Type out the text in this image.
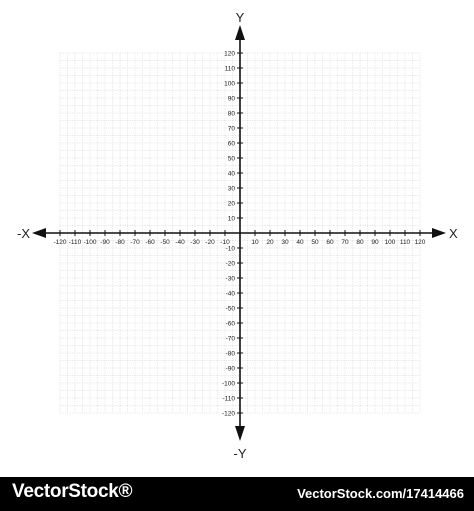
-120 -110 -100 -90 -80 -70 -60 -50 -40 -30 -20 -10	10 20 30 40 50 60 70 80 90 100 110 120
120
110
100
90
80
70
60
50
40
30
20
10
-10
-20
-30
-40
-50
-60
-70
-80
-90
-100
-110
-120
X
-X
Y
-Y
VectorStock®	VectorStock.com/17414466
